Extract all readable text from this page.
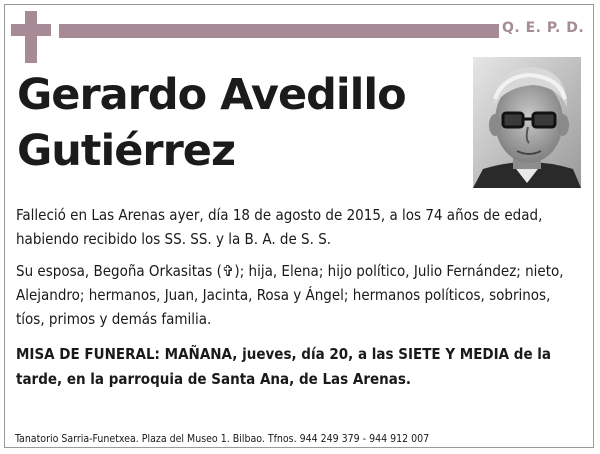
Q. E. P. D.
Gerardo Avedillo
Gutiérrez
Falleció en Las Arenas ayer, día 18 de agosto de 2015, a los 74 años de edad, habiendo recibido los SS. SS. y la B. A. de S. S.
Su esposa, Begoña Orkasitas (✞); hija, Elena; hijo político, Julio Fernández; nieto, Alejandro; hermanos, Juan, Jacinta, Rosa y Ángel; hermanos políticos, sobrinos, tíos, primos y demás familia.
MISA DE FUNERAL: MAÑANA, jueves, día 20, a las SIETE Y MEDIA de la tarde, en la parroquia de Santa Ana, de Las Arenas.
Tanatorio Sarria-Funetxea. Plaza del Museo 1. Bilbao. Tfnos. 944 249 379 - 944 912 007
